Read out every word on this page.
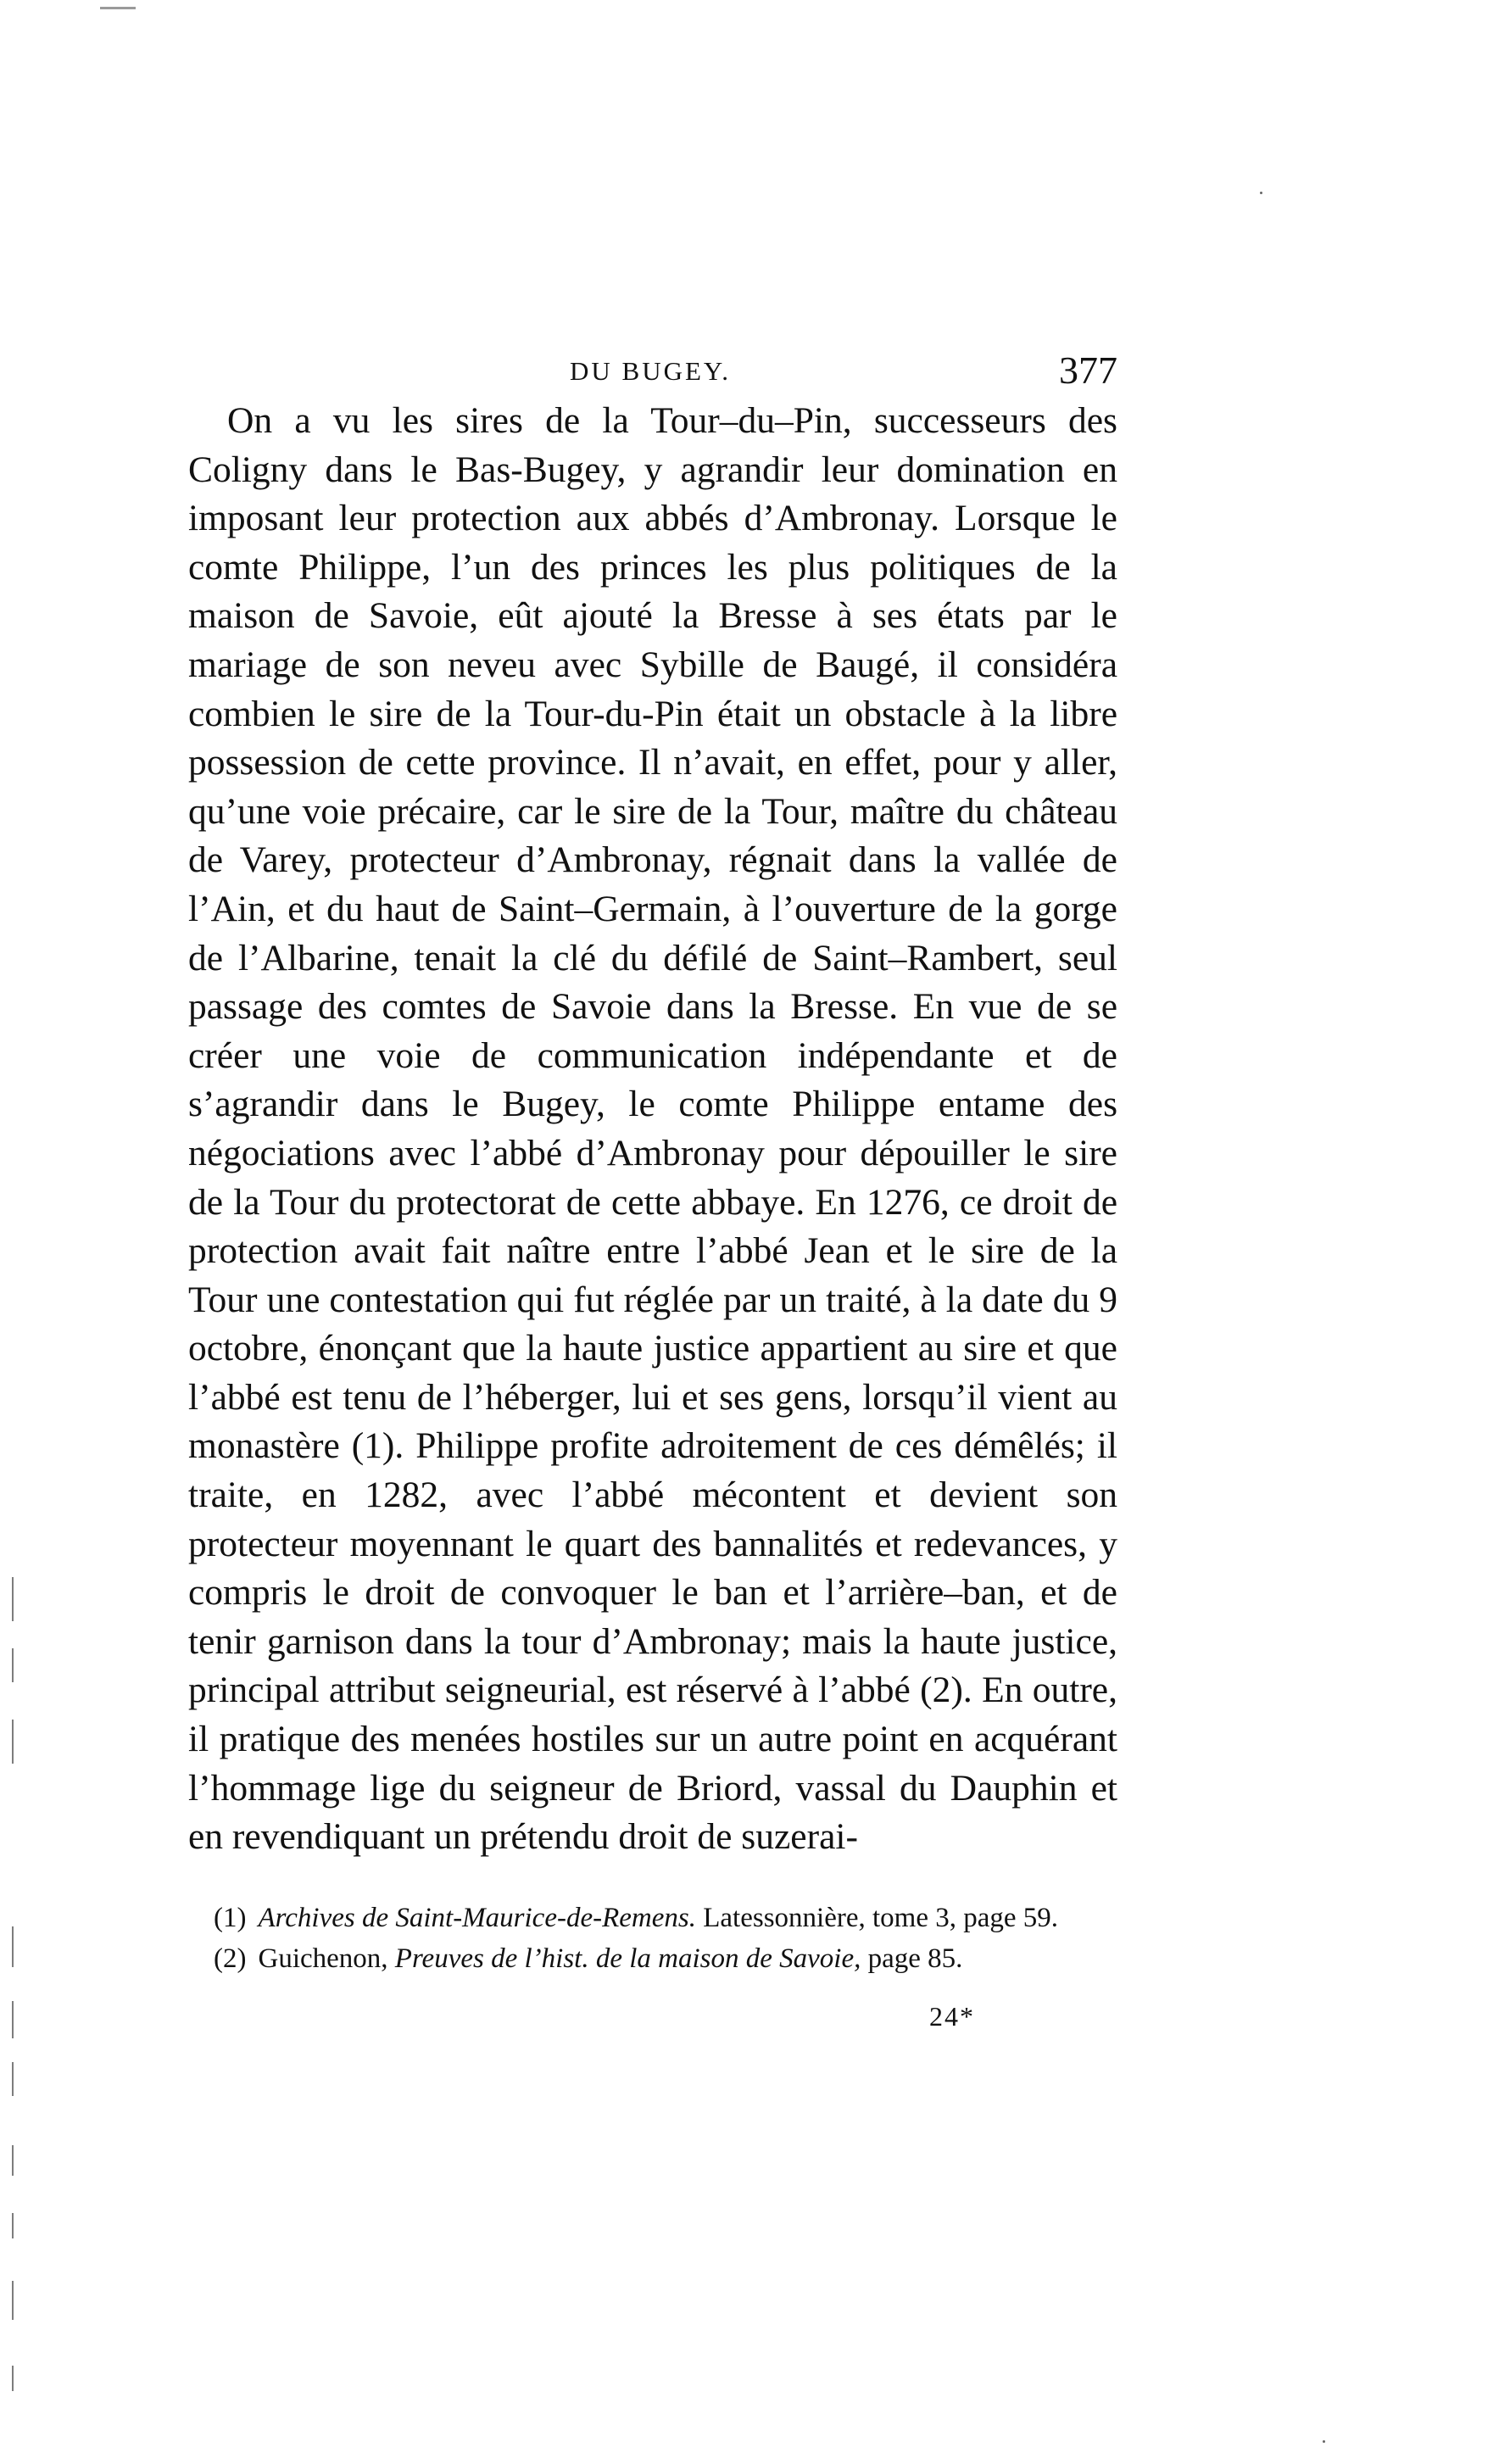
DU BUGEY.	377

On a vu les sires de la Tour–du–Pin, successeurs des Coligny dans le Bas-Bugey, y agrandir leur domination en imposant leur protection aux abbés d’Ambronay. Lorsque le comte Philippe, l’un des princes les plus politiques de la maison de Savoie, eût ajouté la Bresse à ses états par le mariage de son neveu avec Sybille de Baugé, il considéra combien le sire de la Tour-du-Pin était un obstacle à la libre possession de cette province. Il n’avait, en effet, pour y aller, qu’une voie précaire, car le sire de la Tour, maître du château de Varey, protecteur d’Ambronay, régnait dans la vallée de l’Ain, et du haut de Saint–Germain, à l’ouverture de la gorge de l’Albarine, tenait la clé du défilé de Saint–Rambert, seul passage des comtes de Savoie dans la Bresse. En vue de se créer une voie de communication indépendante et de s’agrandir dans le Bugey, le comte Philippe entame des négociations avec l’abbé d’Ambronay pour dépouiller le sire de la Tour du protectorat de cette abbaye. En 1276, ce droit de protection avait fait naître entre l’abbé Jean et le sire de la Tour une contestation qui fut réglée par un traité, à la date du 9 octobre, énonçant que la haute justice appartient au sire et que l’abbé est tenu de l’héberger, lui et ses gens, lorsqu’il vient au monastère (1). Philippe profite adroitement de ces démêlés; il traite, en 1282, avec l’abbé mécontent et devient son protecteur moyennant le quart des bannalités et redevances, y compris le droit de convoquer le ban et l’arrière–ban, et de tenir garnison dans la tour d’Ambronay; mais la haute justice, principal attribut seigneurial, est réservé à l’abbé (2). En outre, il pratique des menées hostiles sur un autre point en acquérant l’hommage lige du seigneur de Briord, vassal du Dauphin et en revendiquant un prétendu droit de suzerai-

(1) Archives de Saint-Maurice-de-Remens. Latessonnière, tome 3, page 59.
(2) Guichenon, Preuves de l’hist. de la maison de Savoie, page 85.
24*
